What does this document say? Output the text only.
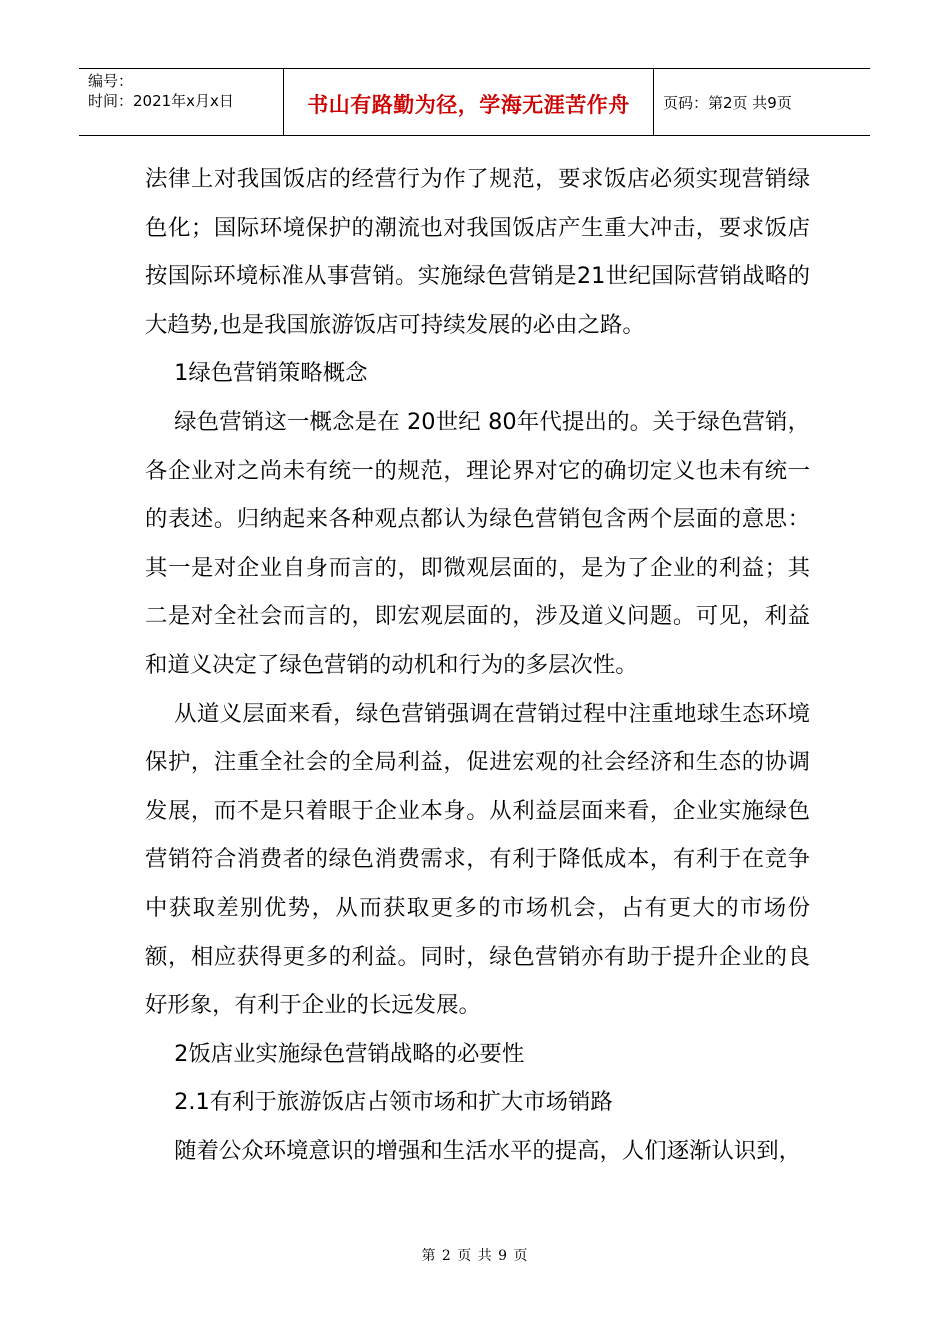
编号：
时间：2021年x月x日	书山有路勤为径，学海无涯苦作舟 页码：第2页 共9页

法律上对我国饭店的经营行为作了规范，要求饭店必须实现营销绿色化；国际环境保护的潮流也对我国饭店产生重大冲击，要求饭店按国际环境标准从事营销。实施绿色营销是21世纪国际营销战略的大趋势,也是我国旅游饭店可持续发展的必由之路。

1绿色营销策略概念

绿色营销这一概念是在 20世纪 80年代提出的。关于绿色营销，各企业对之尚未有统一的规范，理论界对它的确切定义也未有统一的表述。归纳起来各种观点都认为绿色营销包含两个层面的意思：其一是对企业自身而言的，即微观层面的，是为了企业的利益；其二是对全社会而言的，即宏观层面的，涉及道义问题。可见，利益和道义决定了绿色营销的动机和行为的多层次性。

从道义层面来看，绿色营销强调在营销过程中注重地球生态环境保护，注重全社会的全局利益，促进宏观的社会经济和生态的协调发展，而不是只着眼于企业本身。从利益层面来看，企业实施绿色营销符合消费者的绿色消费需求，有利于降低成本，有利于在竞争中获取差别优势，从而获取更多的市场机会，占有更大的市场份额，相应获得更多的利益。同时，绿色营销亦有助于提升企业的良好形象，有利于企业的长远发展。

2饭店业实施绿色营销战略的必要性

2.1有利于旅游饭店占领市场和扩大市场销路

随着公众环境意识的增强和生活水平的提高，人们逐渐认识到，

第 2 页 共 9 页
